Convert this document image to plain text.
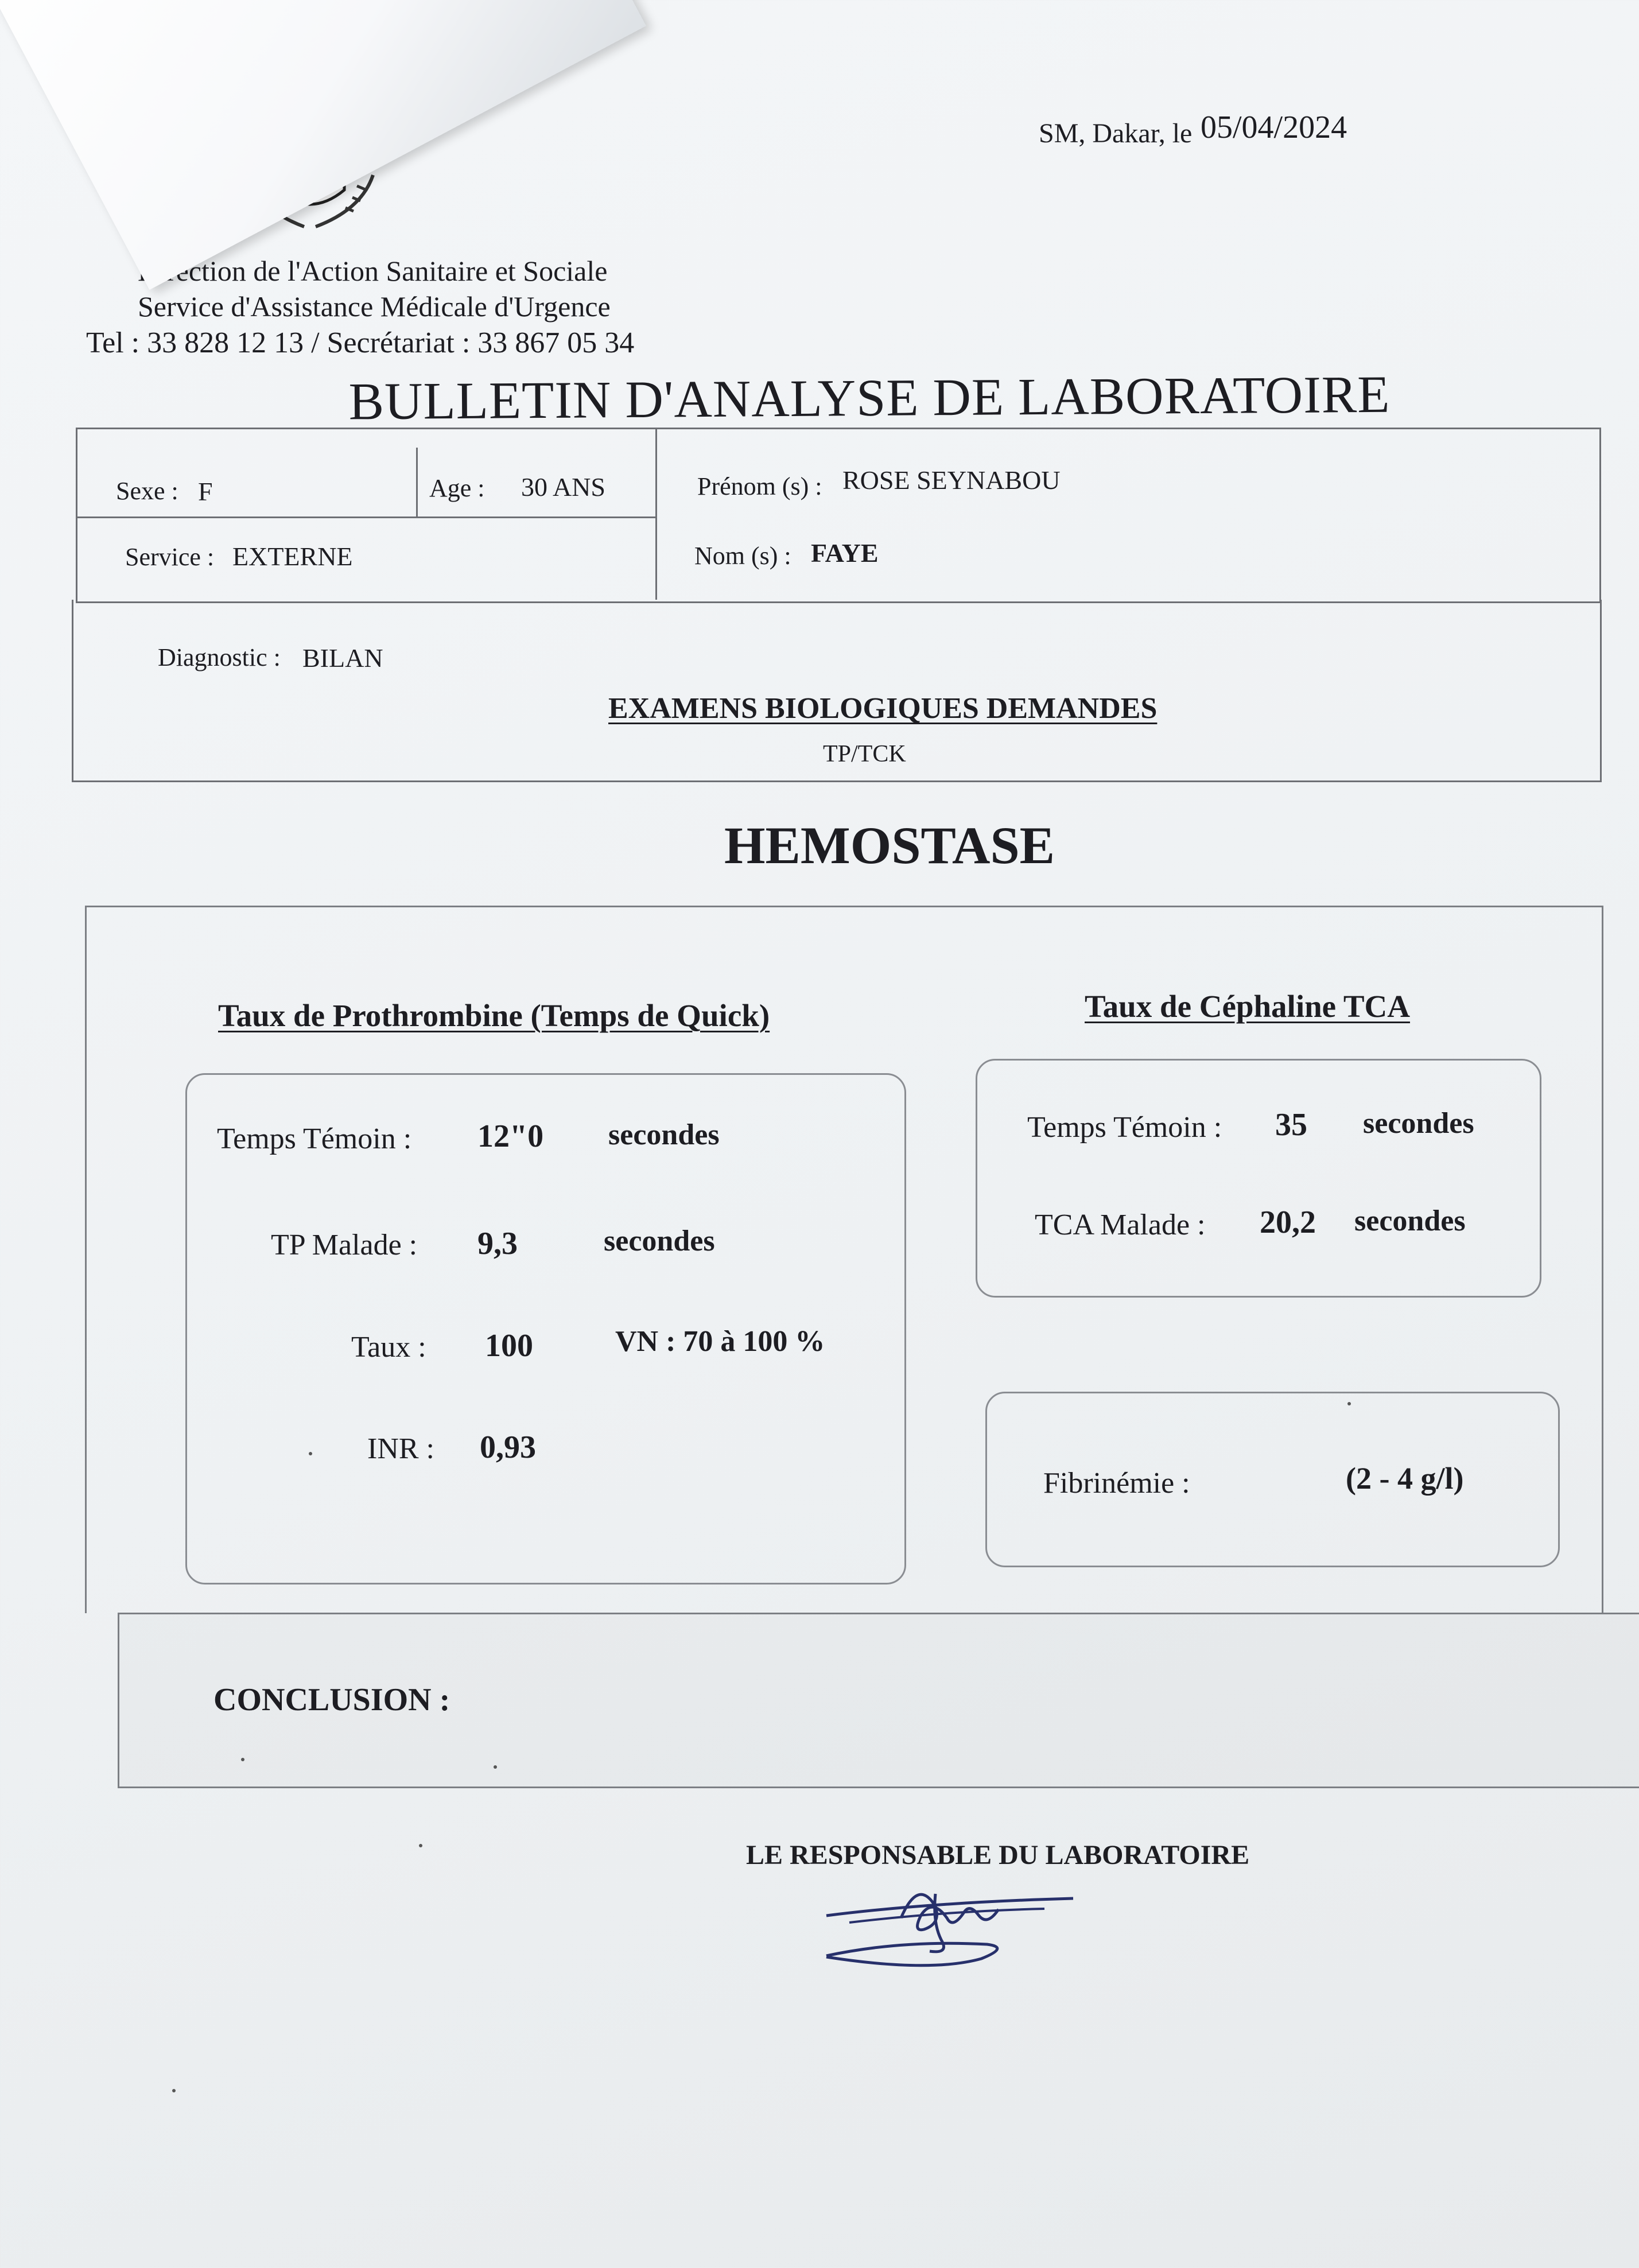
Direction de l'Action Sanitaire et Sociale
Service d'Assistance Médicale d'Urgence
Tel : 33 828 12 13 / Secrétariat : 33 867 05 34
SM, Dakar, le 05/04/2024
BULLETIN D'ANALYSE DE LABORATOIRE
Sexe : F	Age : 30 ANS	Prénom (s) : ROSE SEYNABOU
Service : EXTERNE	Nom (s) : FAYE
Diagnostic : BILAN
EXAMENS BIOLOGIQUES DEMANDES
TP/TCK
HEMOSTASE
Taux de Prothrombine (Temps de Quick)
Temps Témoin : 12"0 secondes
TP Malade : 9,3	secondes
Taux : 100	VN : 70 à 100 %
INR : 0,93
Taux de Céphaline TCA
Temps Témoin : 35 secondes
TCA Malade : 20,2 secondes
Fibrinémie :	(2 - 4 g/l)
CONCLUSION :
LE RESPONSABLE DU LABORATOIRE
